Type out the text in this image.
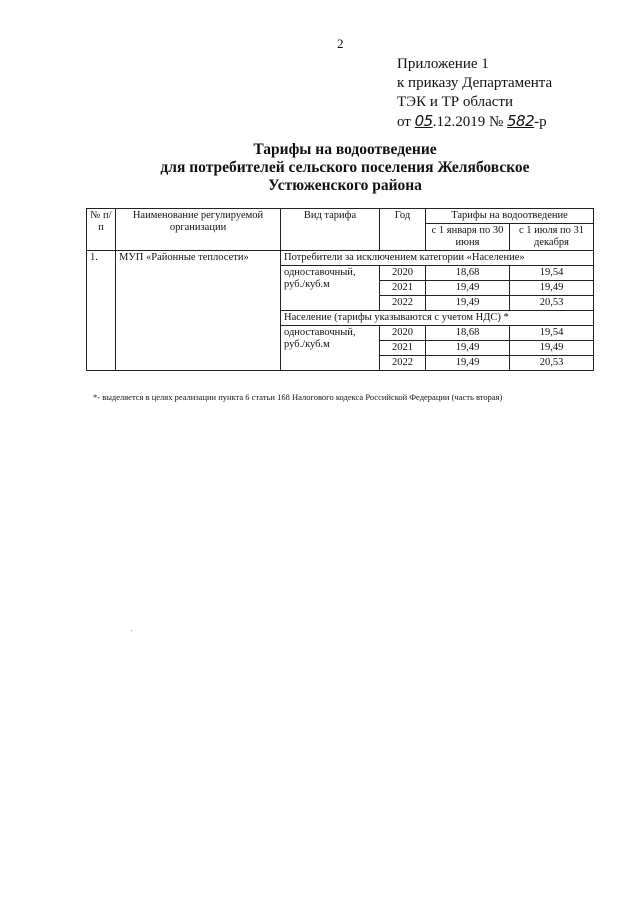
2
Приложение 1
к приказу Департамента
ТЭК и ТР области
от 05.12.2019 № 582-р
Тарифы на водоотведение
для потребителей сельского поселения Желябовское
Устюженского района
№ п/п	Наименование регулируемой организации	Вид тарифа	Год	Тарифы на водоотведение	
				с 1 января по 30 июня	с 1 июля по 31 декабря
1.	МУП «Районные теплосети»	Потребители за исключением категории «Население»			
		одноставочный, руб./куб.м	2020	18,68	19,54
			2021	19,49	19,49
			2022	19,49	20,53
		Население (тарифы указываются с учетом НДС) *			
		одноставочный, руб./куб.м	2020	18,68	19,54
			2021	19,49	19,49
			2022	19,49	20,53
*- выделяется в целях реализации пункта 6 статьи 168 Налогового кодекса Российской Федерации (часть вторая)
